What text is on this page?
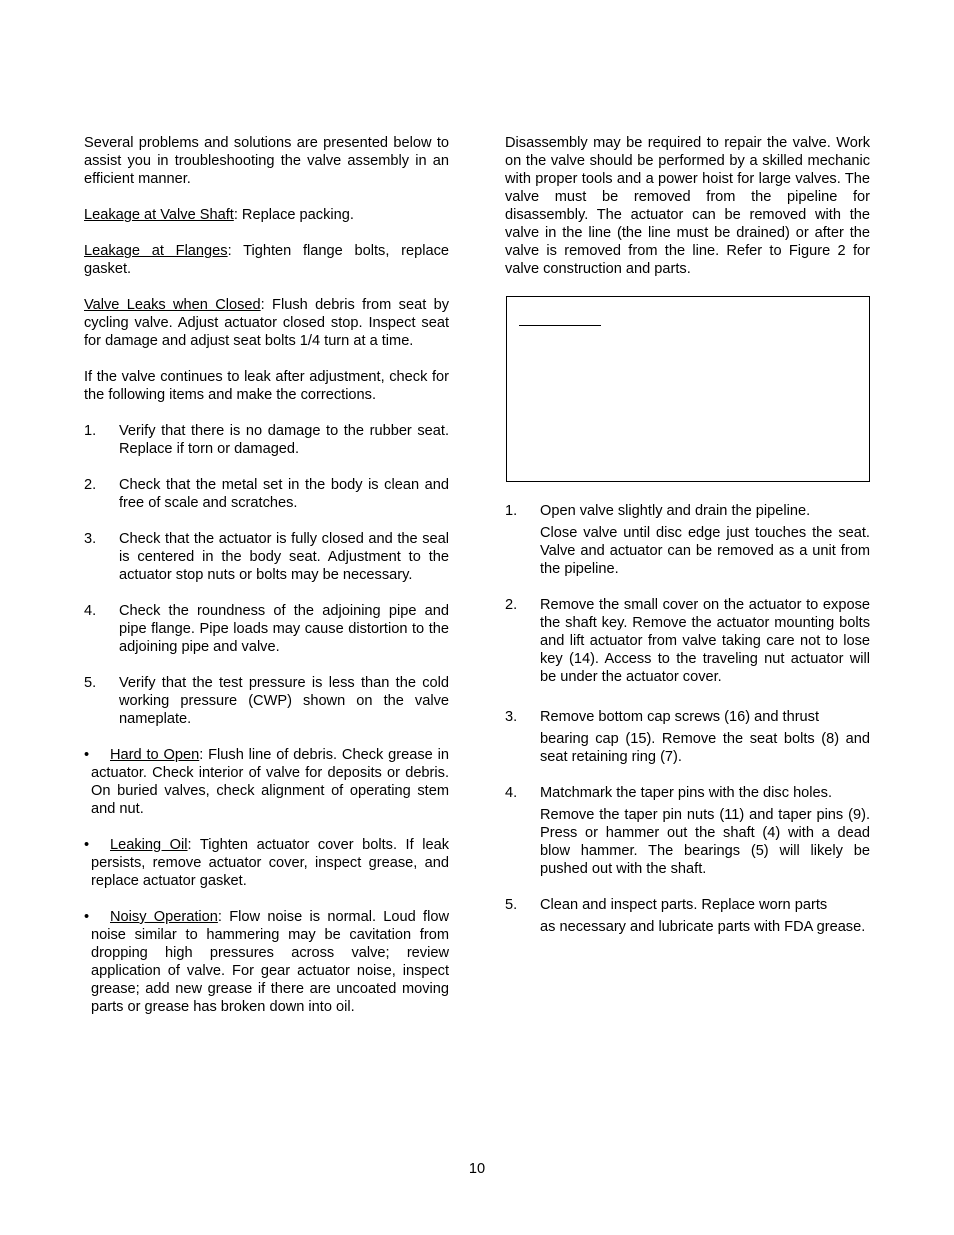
Several problems and solutions are presented below to assist you in troubleshooting the valve assembly in an efficient manner.

Leakage at Valve Shaft: Replace packing.

Leakage at Flanges: Tighten flange bolts, replace gasket.

Valve Leaks when Closed: Flush debris from seat by cycling valve. Adjust actuator closed stop. Inspect seat for damage and adjust seat bolts 1/4 turn at a time.

If the valve continues to leak after adjustment, check for the following items and make the corrections.

1.	Verify that there is no damage to the rubber seat. Replace if torn or damaged.
2.	Check that the metal set in the body is clean and free of scale and scratches.
3.	Check that the actuator is fully closed and the seal is centered in the body seat. Adjustment to the actuator stop nuts or bolts may be necessary.
4.	Check the roundness of the adjoining pipe and pipe flange. Pipe loads may cause distortion to the adjoining pipe and valve.
5.	Verify that the test pressure is less than the cold working pressure (CWP) shown on the valve nameplate.

• Hard to Open: Flush line of debris. Check grease in actuator. Check interior of valve for deposits or debris. On buried valves, check alignment of operating stem and nut.

• Leaking Oil: Tighten actuator cover bolts. If leak persists, remove actuator cover, inspect grease, and replace actuator gasket.

• Noisy Operation: Flow noise is normal. Loud flow noise similar to hammering may be cavitation from dropping high pressures across valve; review application of valve. For gear actuator noise, inspect grease; add new grease if there are uncoated moving parts or grease has broken down into oil.

Disassembly may be required to repair the valve. Work on the valve should be performed by a skilled mechanic with proper tools and a power hoist for large valves. The valve must be removed from the pipeline for disassembly. The actuator can be removed with the valve in the line (the line must be drained) or after the valve is removed from the line. Refer to Figure 2 for valve construction and parts.

1.	Open valve slightly and drain the pipeline.
Close valve until disc edge just touches the seat. Valve and actuator can be removed as a unit from the pipeline.
2.	Remove the small cover on the actuator to expose the shaft key. Remove the actuator mounting bolts and lift actuator from valve taking care not to lose key (14). Access to the traveling nut actuator will be under the actuator cover.
3.	Remove bottom cap screws (16) and thrust
bearing cap (15). Remove the seat bolts (8) and seat retaining ring (7).
4.	Matchmark the taper pins with the disc holes.
Remove the taper pin nuts (11) and taper pins (9). Press or hammer out the shaft (4) with a dead blow hammer. The bearings (5) will likely be pushed out with the shaft.
5.	Clean and inspect parts. Replace worn parts
as necessary and lubricate parts with FDA grease.
10
